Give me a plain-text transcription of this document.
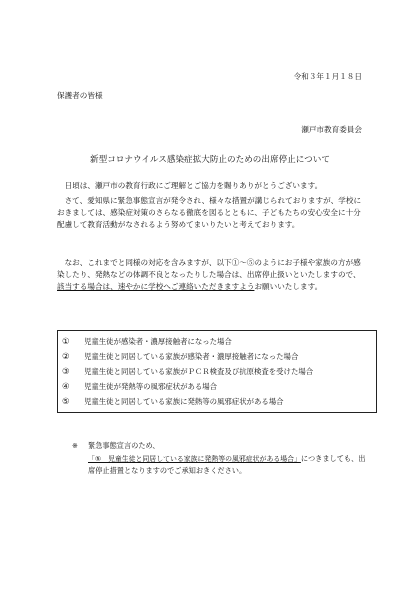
令和３年１月１８日
保護者の皆様
瀬戸市教育委員会
新型コロナウイルス感染症拡大防止のための出席停止について

日頃は、瀬戸市の教育行政にご理解とご協力を賜りありがとうございます。

さて、愛知県に緊急事態宣言が発令され、様々な措置が講じられておりますが、学校におきましては、感染症対策のさらなる徹底を図るとともに、子どもたちの安心安全に十分配慮して教育活動がなされるよう努めてまいりたいと考えております。

なお、これまでと同様の対応を含みますが、以下①～⑤のようにお子様や家族の方が感染したり、発熱などの体調不良となったりした場合は、出席停止扱いといたしますので、該当する場合は、速やかに学校へご連絡いただきますようお願いいたします。

①	児童生徒が感染者・濃厚接触者になった場合
②	児童生徒と同居している家族が感染者・濃厚接触者になった場合
③	児童生徒と同居している家族がＰＣＲ検査及び抗原検査を受けた場合
④	児童生徒が発熱等の風邪症状がある場合
⑤	児童生徒と同居している家族に発熱等の風邪症状がある場合
※	緊急事態宣言のため、「⑤　児童生徒と同居している家族に発熱等の風邪症状がある場合」につきましても、出席停止措置となりますのでご承知おきください。
